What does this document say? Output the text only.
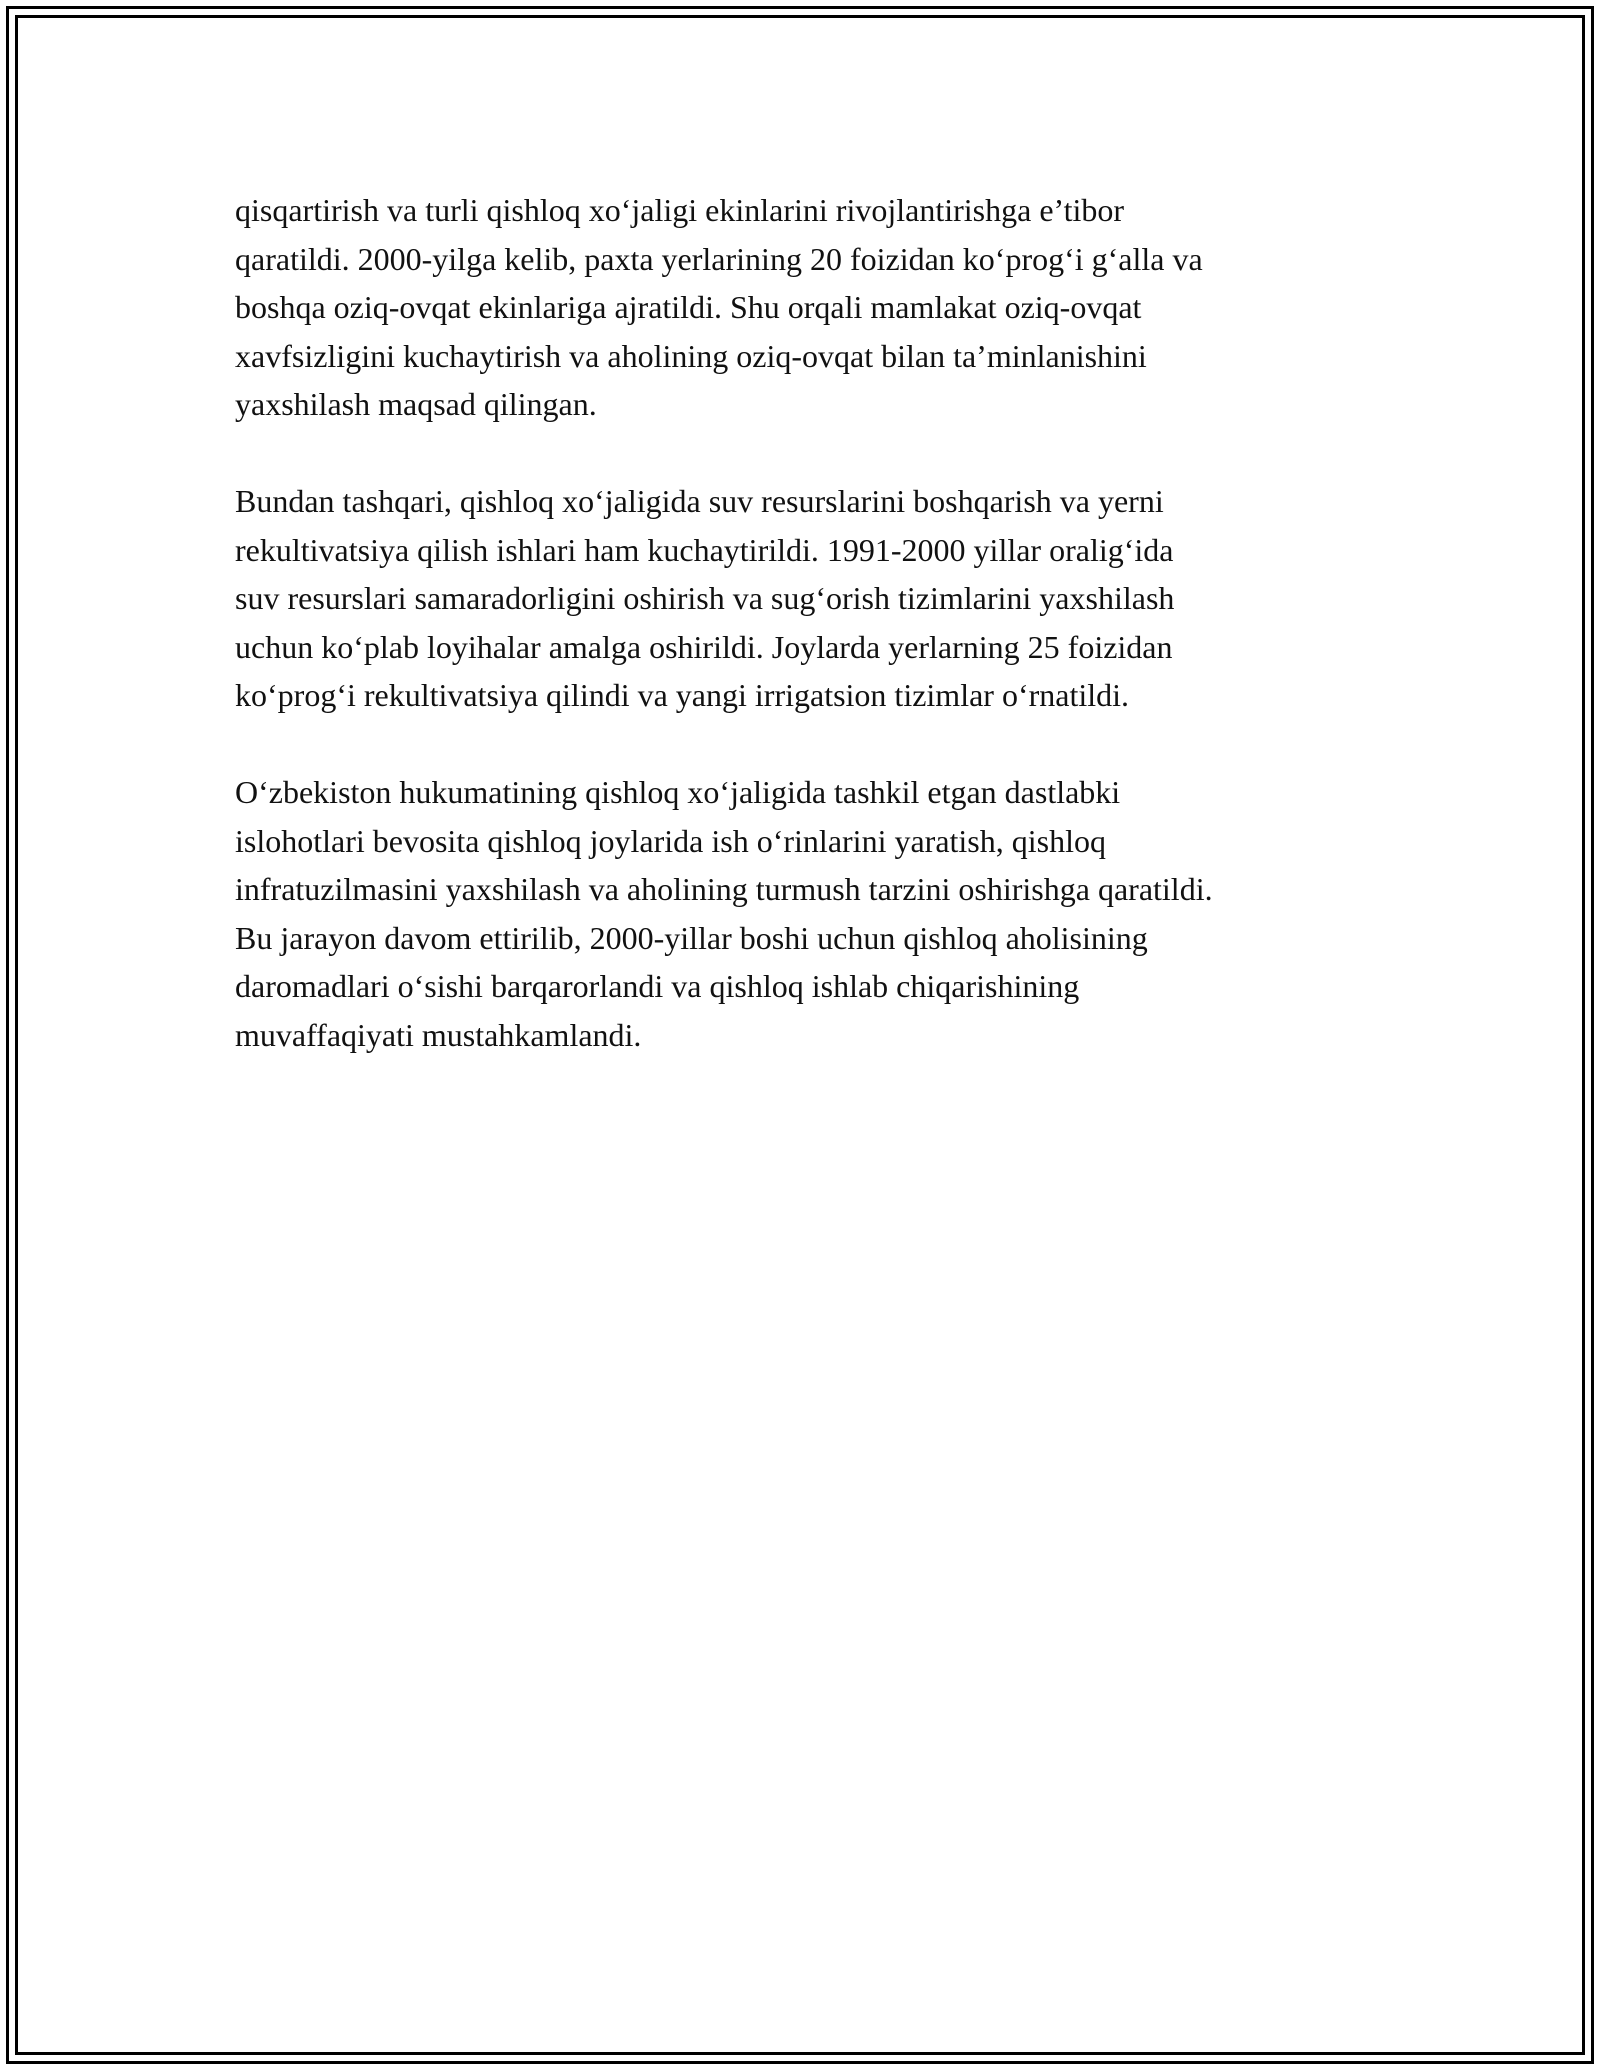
qisqartirish va turli qishloq xo‘jaligi ekinlarini rivojlantirishga e’tibor
qaratildi. 2000-yilga kelib, paxta yerlarining 20 foizidan ko‘prog‘i g‘alla va
boshqa oziq-ovqat ekinlariga ajratildi. Shu orqali mamlakat oziq-ovqat
xavfsizligini kuchaytirish va aholining oziq-ovqat bilan ta’minlanishini
yaxshilash maqsad qilingan.

Bundan tashqari, qishloq xo‘jaligida suv resurslarini boshqarish va yerni
rekultivatsiya qilish ishlari ham kuchaytirildi. 1991-2000 yillar oralig‘ida
suv resurslari samaradorligini oshirish va sug‘orish tizimlarini yaxshilash
uchun ko‘plab loyihalar amalga oshirildi. Joylarda yerlarning 25 foizidan
ko‘prog‘i rekultivatsiya qilindi va yangi irrigatsion tizimlar o‘rnatildi.

O‘zbekiston hukumatining qishloq xo‘jaligida tashkil etgan dastlabki
islohotlari bevosita qishloq joylarida ish o‘rinlarini yaratish, qishloq
infratuzilmasini yaxshilash va aholining turmush tarzini oshirishga qaratildi.
Bu jarayon davom ettirilib, 2000-yillar boshi uchun qishloq aholisining
daromadlari o‘sishi barqarorlandi va qishloq ishlab chiqarishining
muvaffaqiyati mustahkamlandi.
